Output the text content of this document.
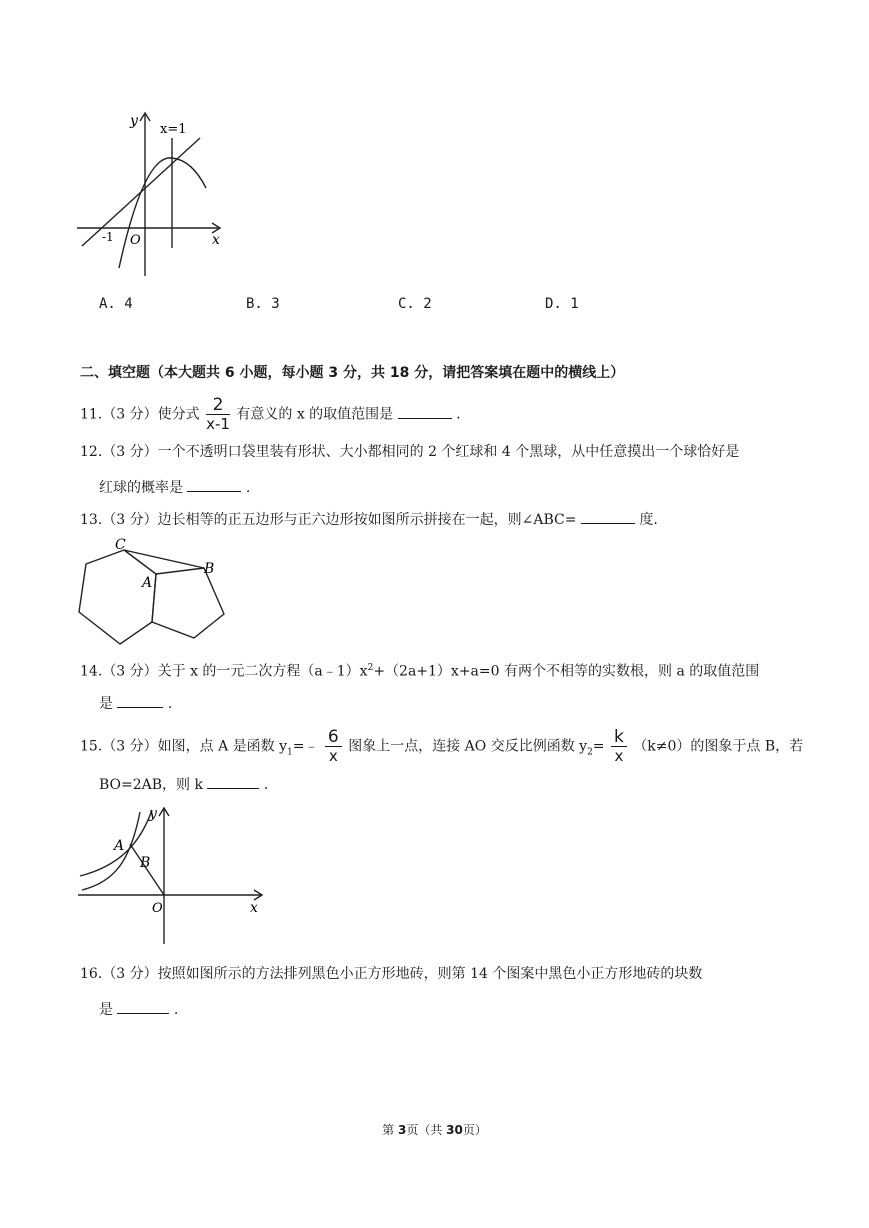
y
x
x=1
O
-1
A. 4	B. 3	C. 2	D. 1
二、填空题（本大题共 6 小题，每小题 3 分，共 18 分，请把答案填在题中的横线上）
11.（3 分）使分式 $\frac{2}{x-1}$ 有意义的 x 的取值范围是	.
12.（3 分）一个不透明口袋里装有形状、大小都相同的 2 个红球和 4 个黑球，从中任意摸出一个球恰好是
红球的概率是	.
13.（3 分）边长相等的正五边形与正六边形按如图所示拼接在一起，则∠ABC=	度.
C
A
B
14.（3 分）关于 x 的一元二次方程$(a﹣1)x^2+(2a+1)x+a=0$ 有两个不相等的实数根，则 a 的取值范围
是	.
15.（3 分）如图，点 A 是函数 $y_1=﹣ \frac{6}{x}$ 图象上一点，连接 AO 交反比例函数 $y_2= \frac{k}{x} (k\ne 0)$的图象于点 B，若
BO=2AB，则 k	.
y
x
O
A
B
16.（3 分）按照如图所示的方法排列黑色小正方形地砖，则第 14 个图案中黑色小正方形地砖的块数
是	.
第 3页（共 30页）
